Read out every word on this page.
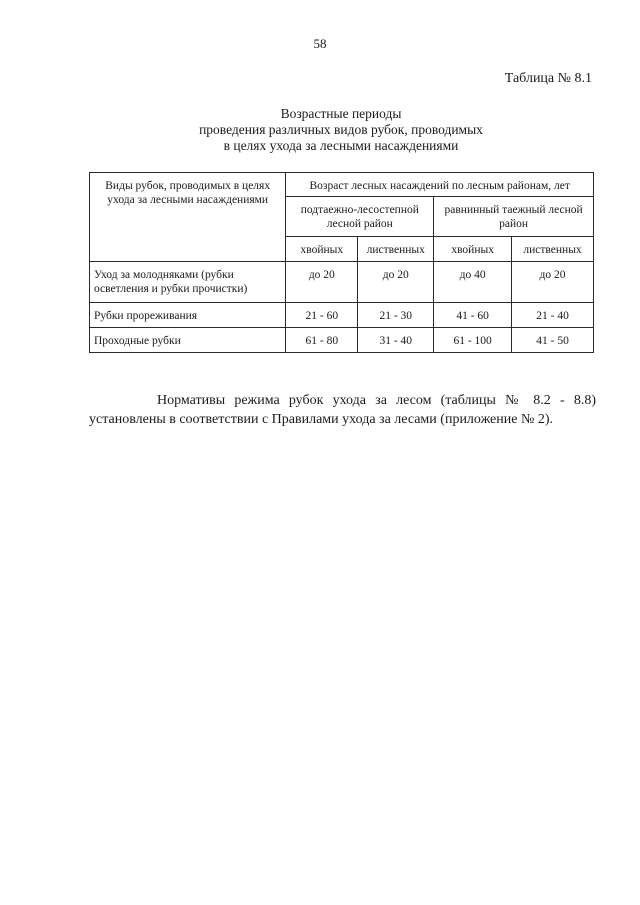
58
Таблица № 8.1
Возрастные периоды
проведения различных видов рубок, проводимых
в целях ухода за лесными насаждениями
Виды рубок, проводимых в целях ухода за лесными насаждениями	Возраст лесных насаждений по лесным районам, лет			
	подтаежно-лесостепной лесной район		равнинный таежный лесной район	
	хвойных	лиственных	хвойных	лиственных
Уход за молодняками (рубки осветления и рубки прочистки)	до 20	до 20	до 40	до 20
Рубки прореживания	21 - 60	21 - 30	41 - 60	21 - 40
Проходные рубки	61 - 80	31 - 40	61 - 100	41 - 50

Нормативы режима рубок ухода за лесом (таблицы № 8.2 - 8.8) установлены в соответствии с Правилами ухода за лесами (приложение № 2).
